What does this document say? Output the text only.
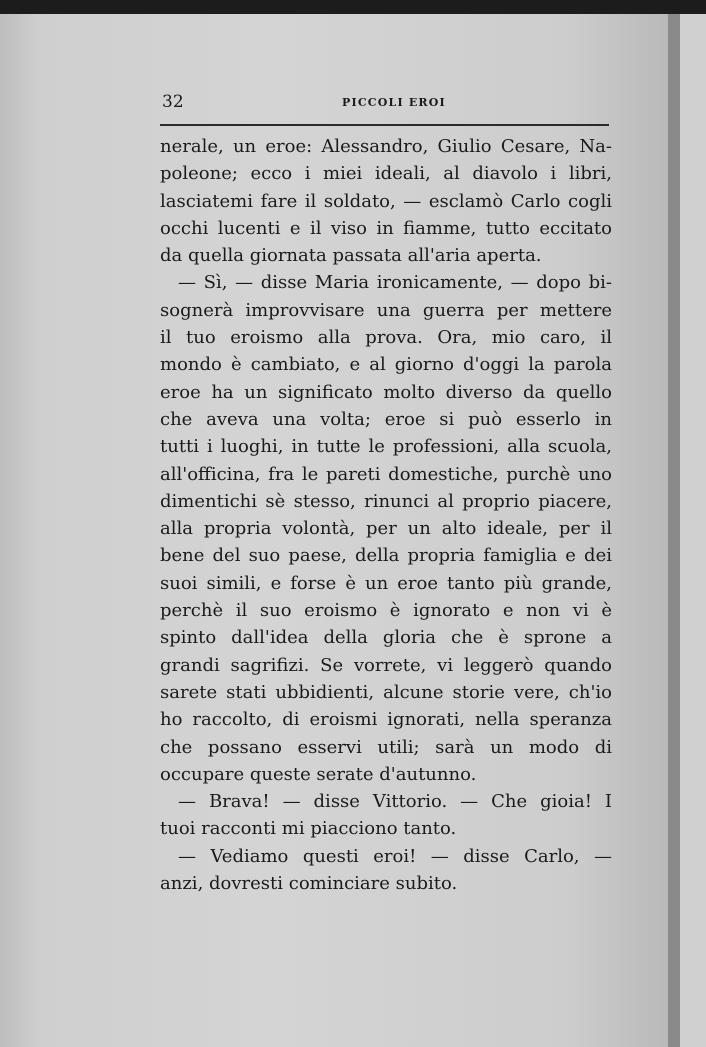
32	PICCOLI EROI
nerale, un eroe: Alessandro, Giulio Cesare, Na-
poleone; ecco i miei ideali, al diavolo i libri,
lasciatemi fare il soldato, — esclamò Carlo cogli
occhi lucenti e il viso in fiamme, tutto eccitato
da quella giornata passata all'aria aperta.
— Sì, — disse Maria ironicamente, — dopo bi-
sognerà improvvisare una guerra per mettere
il tuo eroismo alla prova. Ora, mio caro, il
mondo è cambiato, e al giorno d'oggi la parola
eroe ha un significato molto diverso da quello
che aveva una volta; eroe si può esserlo in
tutti i luoghi, in tutte le professioni, alla scuola,
all'officina, fra le pareti domestiche, purchè uno
dimentichi sè stesso, rinunci al proprio piacere,
alla propria volontà, per un alto ideale, per il
bene del suo paese, della propria famiglia e dei
suoi simili, e forse è un eroe tanto più grande,
perchè il suo eroismo è ignorato e non vi è
spinto dall'idea della gloria che è sprone a
grandi sagrifizi. Se vorrete, vi leggerò quando
sarete stati ubbidienti, alcune storie vere, ch'io
ho raccolto, di eroismi ignorati, nella speranza
che possano esservi utili; sarà un modo di
occupare queste serate d'autunno.
— Brava! — disse Vittorio. — Che gioia! I
tuoi racconti mi piacciono tanto.
— Vediamo questi eroi! — disse Carlo, —
anzi, dovresti cominciare subito.
